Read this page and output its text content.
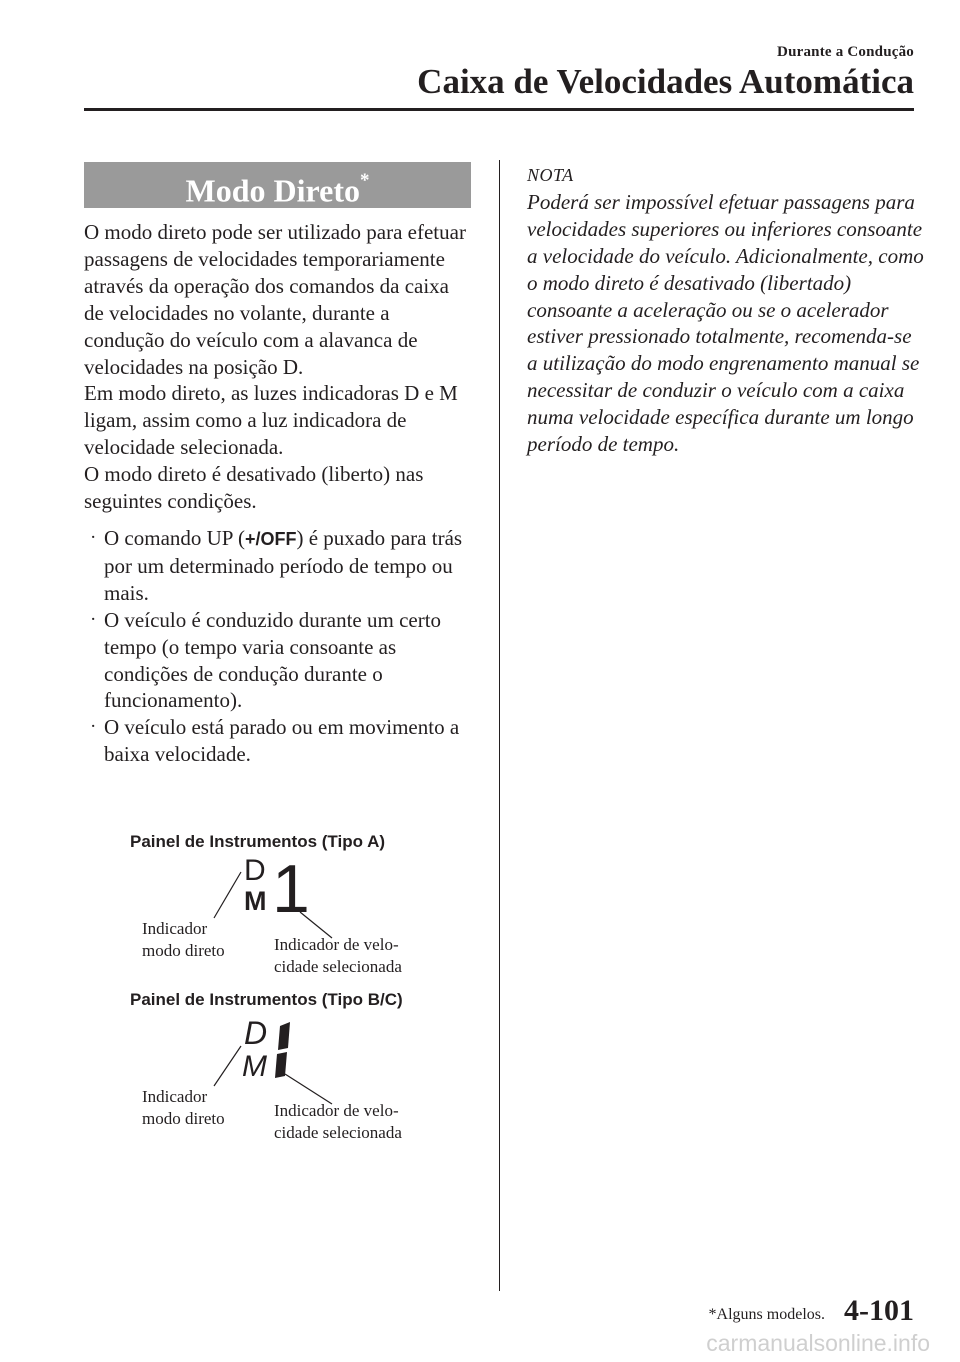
Durante a Condução
Caixa de Velocidades Automática
Modo Direto*

O modo direto pode ser utilizado para efetuar passagens de velocidades temporariamente através da operação dos comandos da caixa de velocidades no volante, durante a condução do veículo com a alavanca de velocidades na posição D.

Em modo direto, as luzes indicadoras D e M ligam, assim como a luz indicadora de velocidade selecionada.

O modo direto é desativado (liberto) nas seguintes condições.

· O comando UP (+/OFF) é puxado para trás por um determinado período de tempo ou mais.
· O veículo é conduzido durante um certo tempo (o tempo varia consoante as condições de condução durante o funcionamento).
· O veículo está parado ou em movimento a baixa velocidade.
D
M 1
Painel de Instrumentos (Tipo A)
Indicador
modo direto	Indicador de velo-
cidade selecionada
D
M
Painel de Instrumentos (Tipo B/C)
Indicador
modo direto	Indicador de velo-
cidade selecionada
NOTA
Poderá ser impossível efetuar passagens para velocidades superiores ou inferiores consoante a velocidade do veículo. Adicionalmente, como o modo direto é desativado (libertado) consoante a aceleração ou se o acelerador estiver pressionado totalmente, recomenda-se a utilização do modo engrenamento manual se necessitar de conduzir o veículo com a caixa numa velocidade específica durante um longo período de tempo.
*Alguns modelos. 4-101
carmanualsonline.info
